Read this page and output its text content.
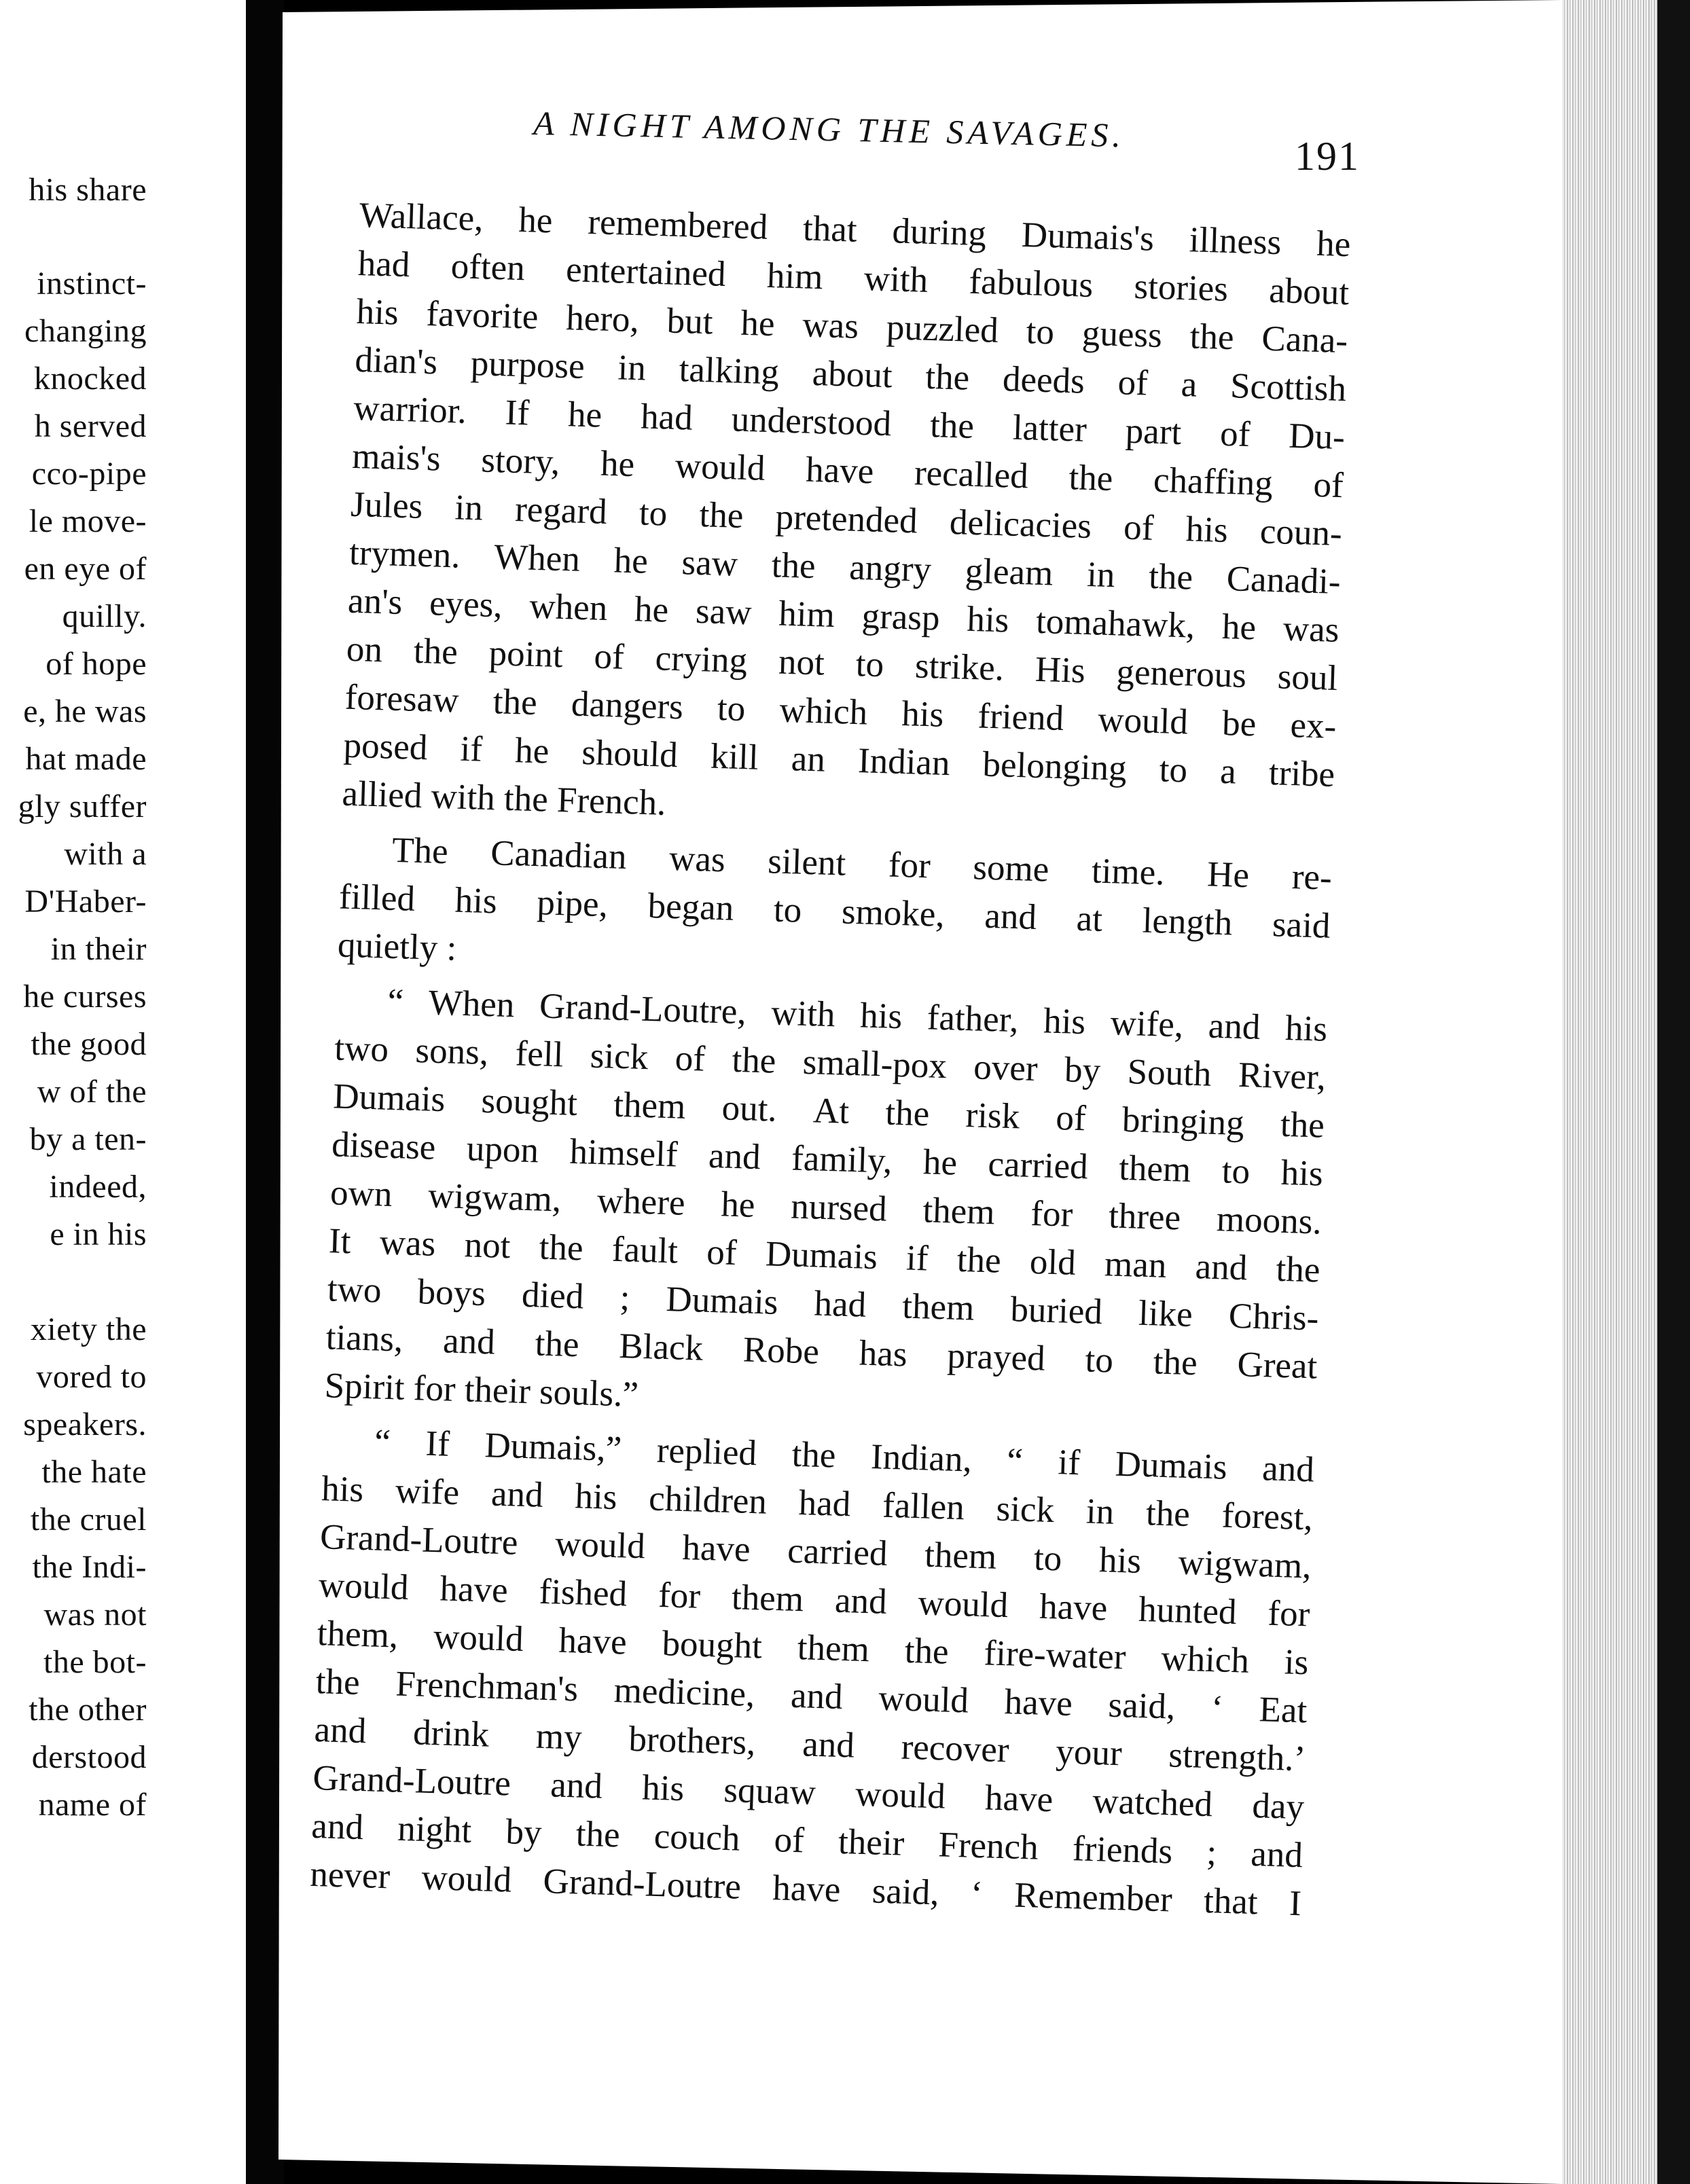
his share
instinct-
changing
knocked
h served
cco-pipe
le move-
en eye of
quilly.
of hope
e, he was
hat made
gly suffer
with a
D'Haber-
in their
he curses
the good
w of the
by a ten-
indeed,
e in his
xiety the
vored to
speakers.
the hate
the cruel
the Indi-
was not
the bot-
the other
derstood
name of
A NIGHT AMONG THE SAVAGES.
191
Wallace, he remembered that during Dumais's illness he
had often entertained him with fabulous stories about
his favorite hero, but he was puzzled to guess the Cana-
dian's purpose in talking about the deeds of a Scottish
warrior. If he had understood the latter part of Du-
mais's story, he would have recalled the chaffing of
Jules in regard to the pretended delicacies of his coun-
trymen. When he saw the angry gleam in the Canadi-
an's eyes, when he saw him grasp his tomahawk, he was
on the point of crying not to strike. His generous soul
foresaw the dangers to which his friend would be ex-
posed if he should kill an Indian belonging to a tribe
allied with the French.
The Canadian was silent for some time. He re-
filled his pipe, began to smoke, and at length said
quietly :
“ When Grand-Loutre, with his father, his wife, and his
two sons, fell sick of the small-pox over by South River,
Dumais sought them out. At the risk of bringing the
disease upon himself and family, he carried them to his
own wigwam, where he nursed them for three moons.
It was not the fault of Dumais if the old man and the
two boys died ; Dumais had them buried like Chris-
tians, and the Black Robe has prayed to the Great
Spirit for their souls.”
“ If Dumais,” replied the Indian, “ if Dumais and
his wife and his children had fallen sick in the forest,
Grand-Loutre would have carried them to his wigwam,
would have fished for them and would have hunted for
them, would have bought them the fire-water which is
the Frenchman's medicine, and would have said, ‘ Eat
and drink my brothers, and recover your strength.’
Grand-Loutre and his squaw would have watched day
and night by the couch of their French friends ; and
never would Grand-Loutre have said, ‘ Remember that I
